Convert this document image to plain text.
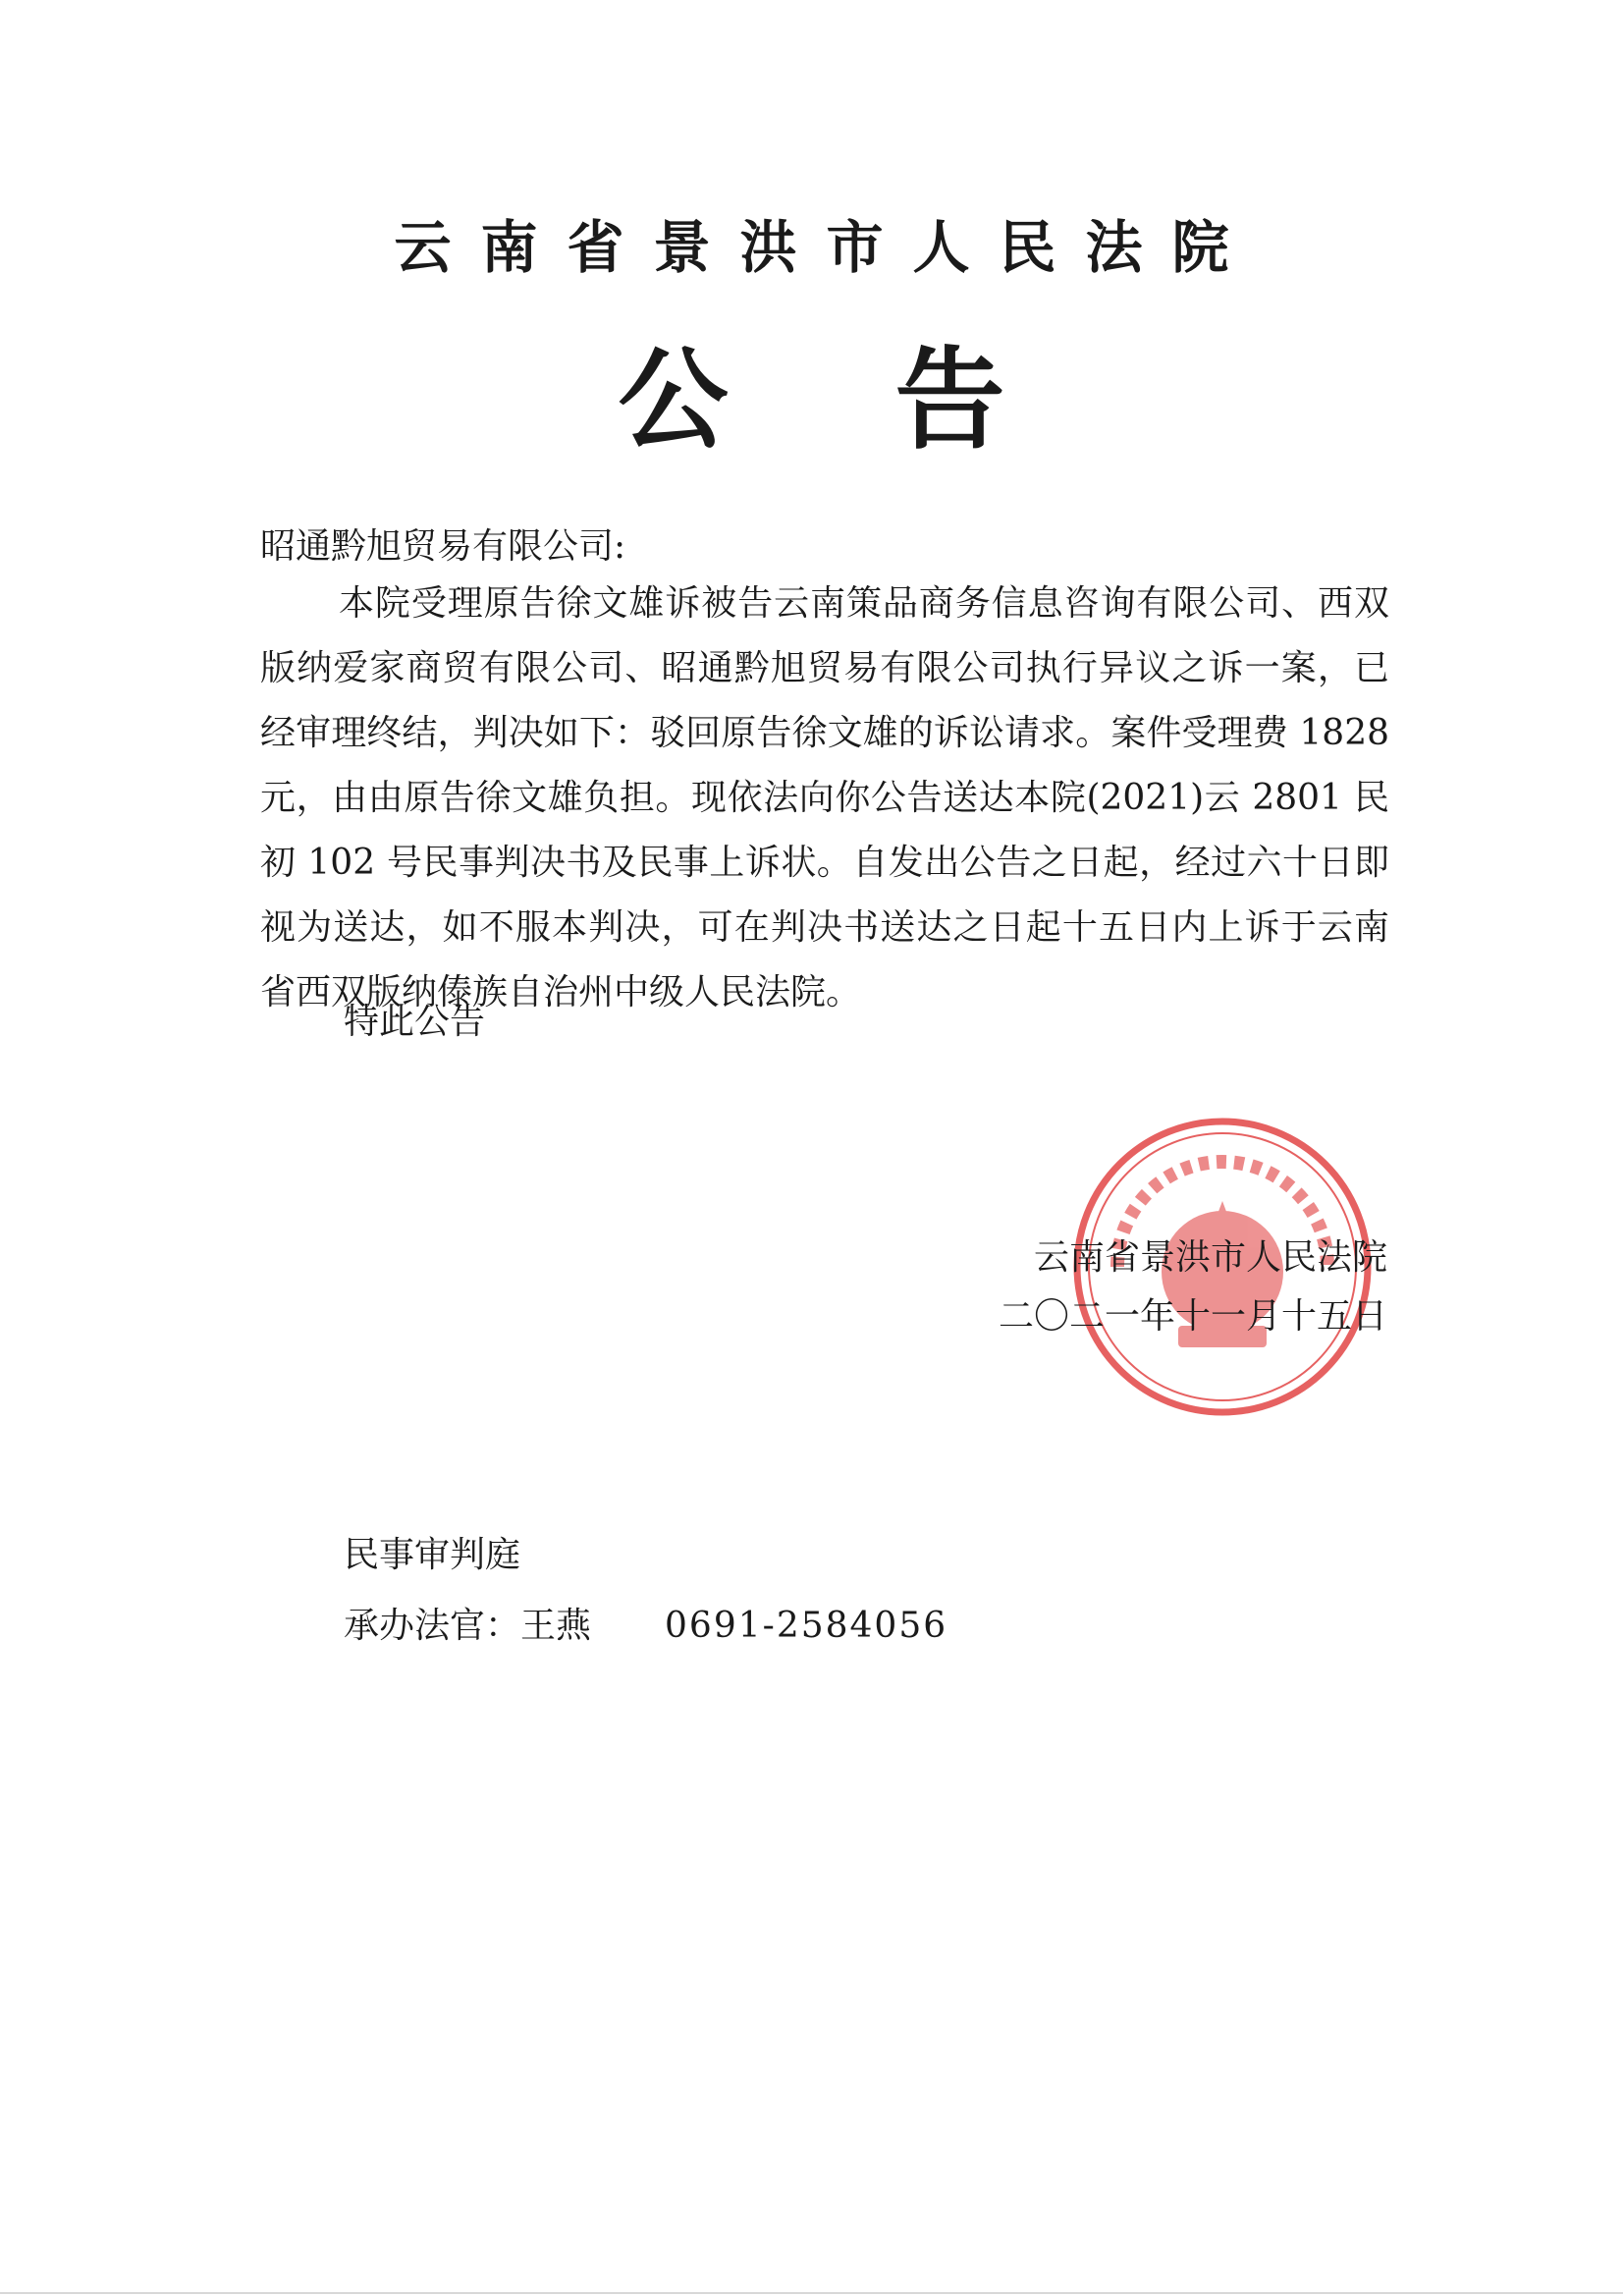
云南省景洪市人民法院
公告
昭通黔旭贸易有限公司:

本院受理原告徐文雄诉被告云南策品商务信息咨询有限公司、西双版纳爱家商贸有限公司、昭通黔旭贸易有限公司执行异议之诉一案，已经审理终结，判决如下：驳回原告徐文雄的诉讼请求。案件受理费 1828 元，由由原告徐文雄负担。现依法向你公告送达本院(2021)云 2801 民初 102 号民事判决书及民事上诉状。自发出公告之日起，经过六十日即视为送达，如不服本判决，可在判决书送达之日起十五日内上诉于云南省西双版纳傣族自治州中级人民法院。

特此公告
云南省景洪市人民法院
二〇二一年十一月十五日
民事审判庭
承办法官：王燕 0691-2584056
